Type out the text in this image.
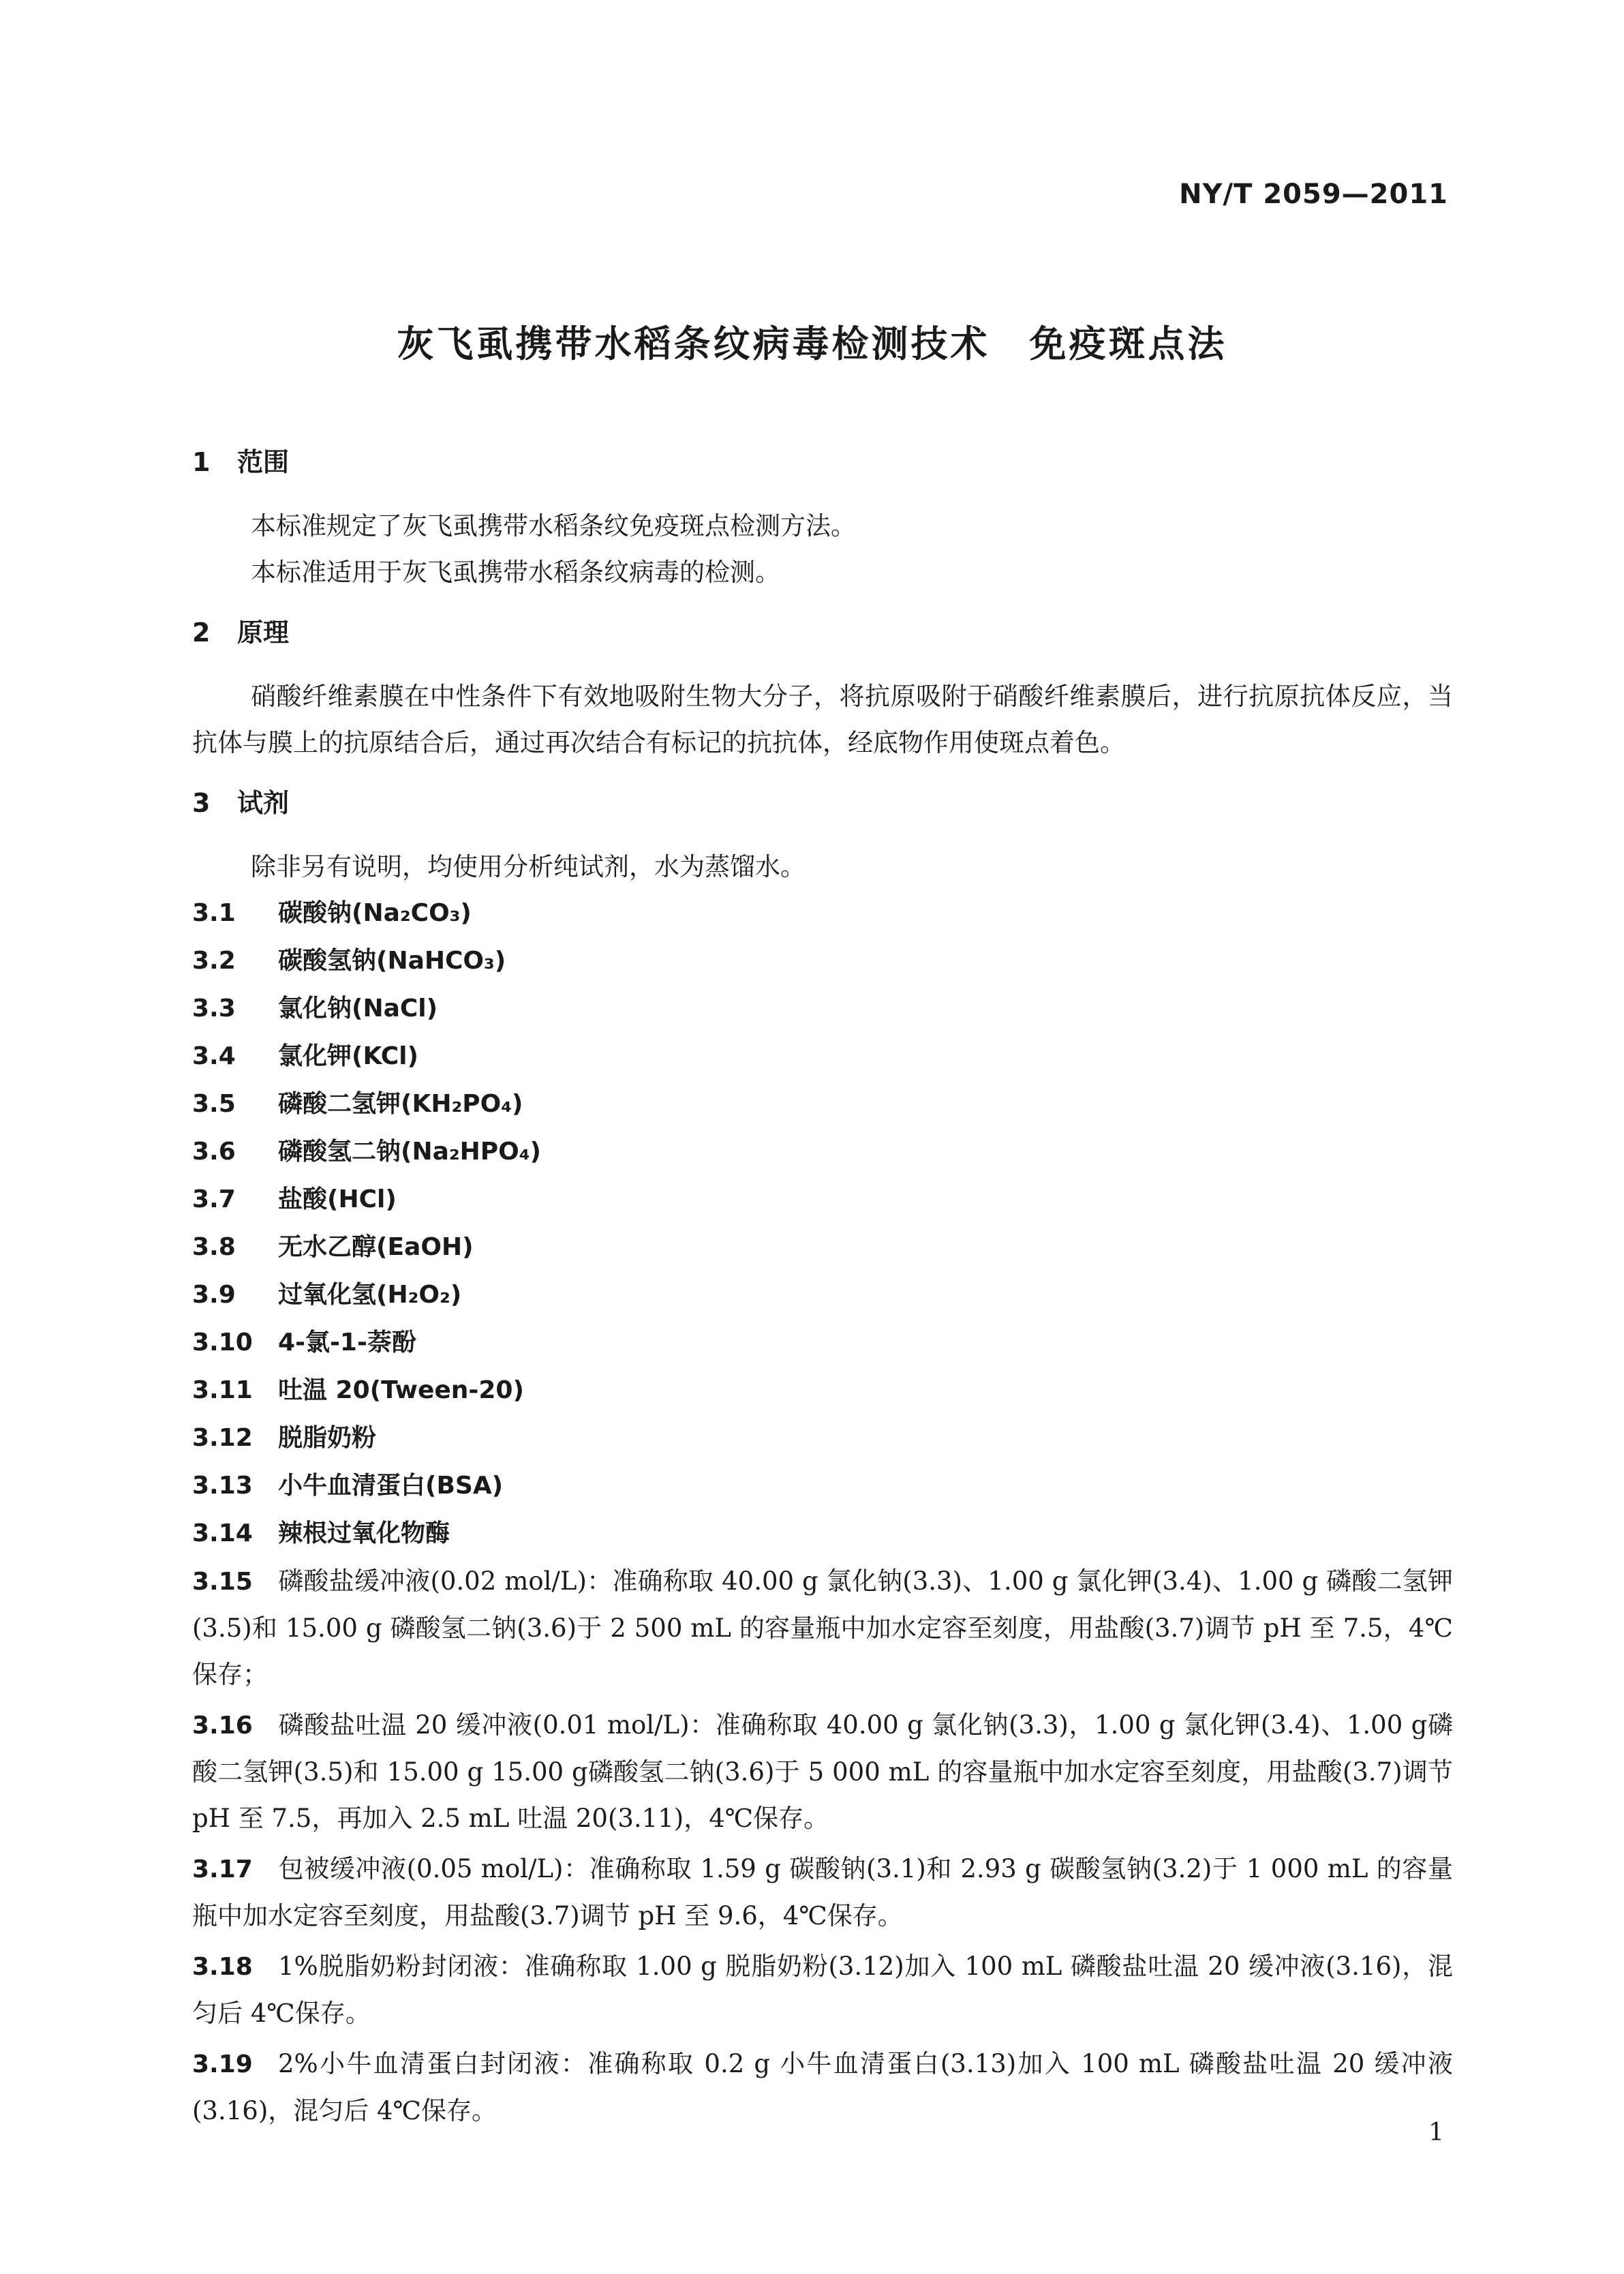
NY/T 2059—2011
灰飞虱携带水稻条纹病毒检测技术　免疫斑点法
1 范围

本标准规定了灰飞虱携带水稻条纹免疫斑点检测方法。

本标准适用于灰飞虱携带水稻条纹病毒的检测。

2 原理

硝酸纤维素膜在中性条件下有效地吸附生物大分子，将抗原吸附于硝酸纤维素膜后，进行抗原抗体反应，当抗体与膜上的抗原结合后，通过再次结合有标记的抗抗体，经底物作用使斑点着色。

3 试剂

除非另有说明，均使用分析纯试剂，水为蒸馏水。

3.1 碳酸钠(Na₂CO₃)
3.2 碳酸氢钠(NaHCO₃)
3.3 氯化钠(NaCl)
3.4 氯化钾(KCl)
3.5 磷酸二氢钾(KH₂PO₄)
3.6 磷酸氢二钠(Na₂HPO₄)
3.7 盐酸(HCl)
3.8 无水乙醇(EaOH)
3.9 过氧化氢(H₂O₂)
3.10 4-氯-1-萘酚
3.11 吐温 20(Tween-20)
3.12 脱脂奶粉
3.13 小牛血清蛋白(BSA)
3.14 辣根过氧化物酶
3.15 磷酸盐缓冲液(0.02 mol/L)：准确称取 40.00 g 氯化钠(3.3)、1.00 g 氯化钾(3.4)、1.00 g 磷酸二氢钾(3.5)和 15.00 g 磷酸氢二钠(3.6)于 2 500 mL 的容量瓶中加水定容至刻度，用盐酸(3.7)调节 pH 至 7.5，4℃保存；
3.16 磷酸盐吐温 20 缓冲液(0.01 mol/L)：准确称取 40.00 g 氯化钠(3.3)，1.00 g 氯化钾(3.4)、1.00 g磷酸二氢钾(3.5)和 15.00 g 15.00 g磷酸氢二钠(3.6)于 5 000 mL 的容量瓶中加水定容至刻度，用盐酸(3.7)调节 pH 至 7.5，再加入 2.5 mL 吐温 20(3.11)，4℃保存。
3.17 包被缓冲液(0.05 mol/L)：准确称取 1.59 g 碳酸钠(3.1)和 2.93 g 碳酸氢钠(3.2)于 1 000 mL 的容量瓶中加水定容至刻度，用盐酸(3.7)调节 pH 至 9.6，4℃保存。
3.18 1%脱脂奶粉封闭液：准确称取 1.00 g 脱脂奶粉(3.12)加入 100 mL 磷酸盐吐温 20 缓冲液(3.16)，混匀后 4℃保存。
3.19 2%小牛血清蛋白封闭液：准确称取 0.2 g 小牛血清蛋白(3.13)加入 100 mL 磷酸盐吐温 20 缓冲液(3.16)，混匀后 4℃保存。
1
